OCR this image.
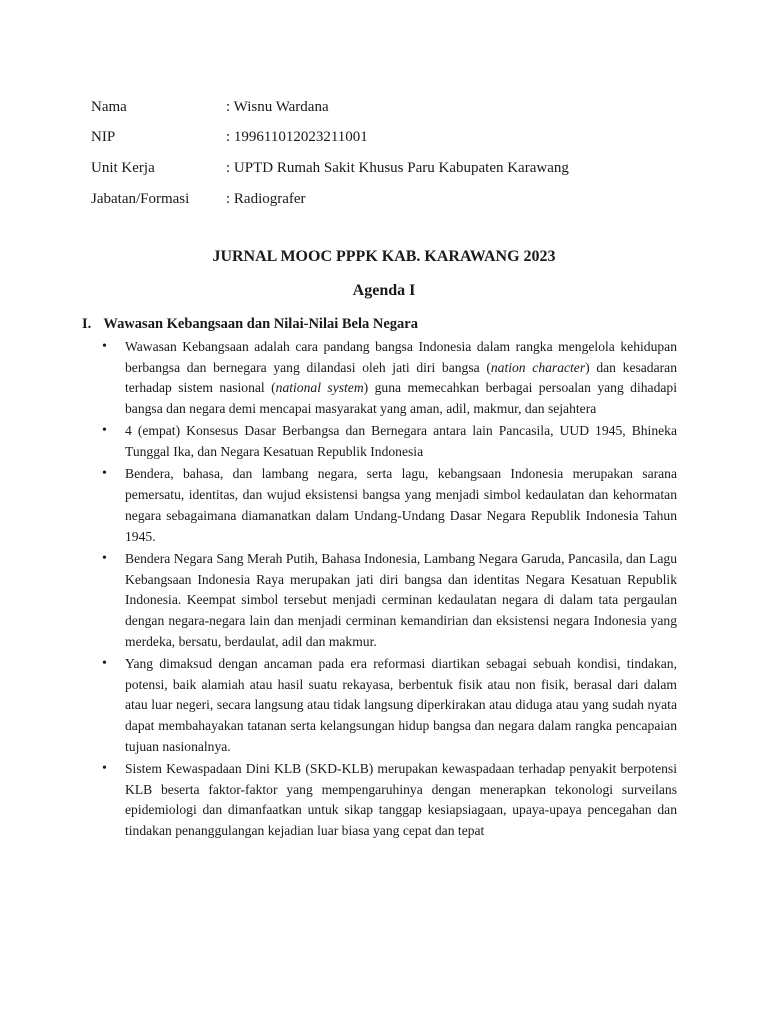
Nama	: Wisnu Wardana
NIP	: 199611012023211001
Unit Kerja	: UPTD Rumah Sakit Khusus Paru Kabupaten Karawang
Jabatan/Formasi	: Radiografer
JURNAL MOOC PPPK KAB. KARAWANG 2023
Agenda I
I. Wawasan Kebangsaan dan Nilai-Nilai Bela Negara
• Wawasan Kebangsaan adalah cara pandang bangsa Indonesia dalam rangka mengelola kehidupan berbangsa dan bernegara yang dilandasi oleh jati diri bangsa (nation character) dan kesadaran terhadap sistem nasional (national system) guna memecahkan berbagai persoalan yang dihadapi bangsa dan negara demi mencapai masyarakat yang aman, adil, makmur, dan sejahtera
• 4 (empat) Konsesus Dasar Berbangsa dan Bernegara antara lain Pancasila, UUD 1945, Bhineka Tunggal Ika, dan Negara Kesatuan Republik Indonesia
• Bendera, bahasa, dan lambang negara, serta lagu, kebangsaan Indonesia merupakan sarana pemersatu, identitas, dan wujud eksistensi bangsa yang menjadi simbol kedaulatan dan kehormatan negara sebagaimana diamanatkan dalam Undang-Undang Dasar Negara Republik Indonesia Tahun 1945.
• Bendera Negara Sang Merah Putih, Bahasa Indonesia, Lambang Negara Garuda, Pancasila, dan Lagu Kebangsaan Indonesia Raya merupakan jati diri bangsa dan identitas Negara Kesatuan Republik Indonesia. Keempat simbol tersebut menjadi cerminan kedaulatan negara di dalam tata pergaulan dengan negara-negara lain dan menjadi cerminan kemandirian dan eksistensi negara Indonesia yang merdeka, bersatu, berdaulat, adil dan makmur.
• Yang dimaksud dengan ancaman pada era reformasi diartikan sebagai sebuah kondisi, tindakan, potensi, baik alamiah atau hasil suatu rekayasa, berbentuk fisik atau non fisik, berasal dari dalam atau luar negeri, secara langsung atau tidak langsung diperkirakan atau diduga atau yang sudah nyata dapat membahayakan tatanan serta kelangsungan hidup bangsa dan negara dalam rangka pencapaian tujuan nasionalnya.
• Sistem Kewaspadaan Dini KLB (SKD-KLB) merupakan kewaspadaan terhadap penyakit berpotensi KLB beserta faktor-faktor yang mempengaruhinya dengan menerapkan tekonologi surveilans epidemiologi dan dimanfaatkan untuk sikap tanggap kesiapsiagaan, upaya-upaya pencegahan dan tindakan penanggulangan kejadian luar biasa yang cepat dan tepat
